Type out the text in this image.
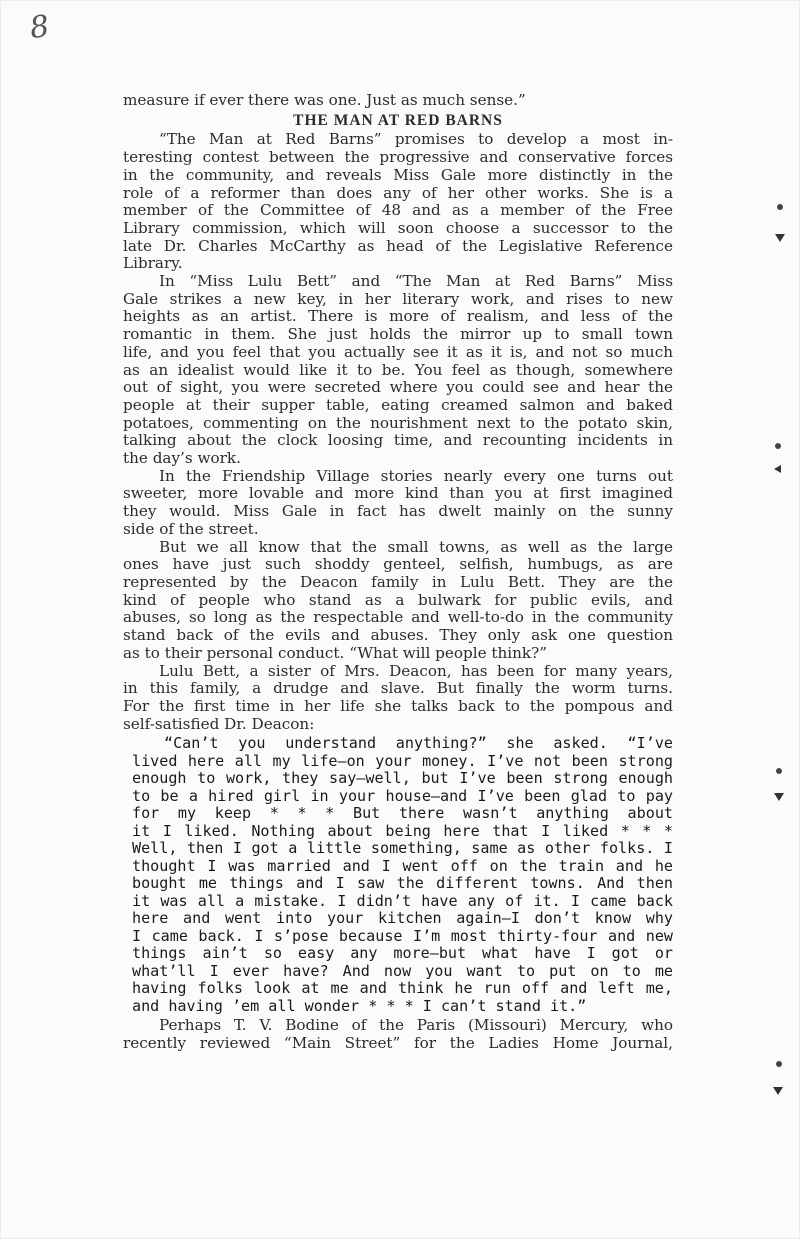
8
measure if ever there was one. Just as much sense.”
THE MAN AT RED BARNS
“The Man at Red Barns” promises to develop a most in-
teresting contest between the progressive and conservative forces
in the community, and reveals Miss Gale more distinctly in the
role of a reformer than does any of her other works. She is a
member of the Committee of 48 and as a member of the Free
Library commission, which will soon choose a successor to the
late Dr. Charles McCarthy as head of the Legislative Reference
Library.
In “Miss Lulu Bett” and “The Man at Red Barns” Miss
Gale strikes a new key, in her literary work, and rises to new
heights as an artist. There is more of realism, and less of the
romantic in them. She just holds the mirror up to small town
life, and you feel that you actually see it as it is, and not so much
as an idealist would like it to be. You feel as though, somewhere
out of sight, you were secreted where you could see and hear the
people at their supper table, eating creamed salmon and baked
potatoes, commenting on the nourishment next to the potato skin,
talking about the clock loosing time, and recounting incidents in
the day’s work.
In the Friendship Village stories nearly every one turns out
sweeter, more lovable and more kind than you at first imagined
they would. Miss Gale in fact has dwelt mainly on the sunny
side of the street.
But we all know that the small towns, as well as the large
ones have just such shoddy genteel, selfish, humbugs, as are
represented by the Deacon family in Lulu Bett. They are the
kind of people who stand as a bulwark for public evils, and
abuses, so long as the respectable and well-to-do in the community
stand back of the evils and abuses. They only ask one question
as to their personal conduct. “What will people think?”
Lulu Bett, a sister of Mrs. Deacon, has been for many years,
in this family, a drudge and slave. But finally the worm turns.
For the first time in her life she talks back to the pompous and
self-satisfied Dr. Deacon:
“Can’t you understand anything?” she asked. “I’ve
lived here all my life—on your money. I’ve not been strong
enough to work, they say—well, but I’ve been strong enough
to be a hired girl in your house—and I’ve been glad to pay
for my keep * * * But there wasn’t anything about
it I liked. Nothing about being here that I liked * * *
Well, then I got a little something, same as other folks. I
thought I was married and I went off on the train and he
bought me things and I saw the different towns. And then
it was all a mistake. I didn’t have any of it. I came back
here and went into your kitchen again—I don’t know why
I came back. I s’pose because I’m most thirty-four and new
things ain’t so easy any more—but what have I got or
what’ll I ever have? And now you want to put on to me
having folks look at me and think he run off and left me,
and having ’em all wonder * * * I can’t stand it.”
Perhaps T. V. Bodine of the Paris (Missouri) Mercury, who
recently reviewed “Main Street” for the Ladies Home Journal,
